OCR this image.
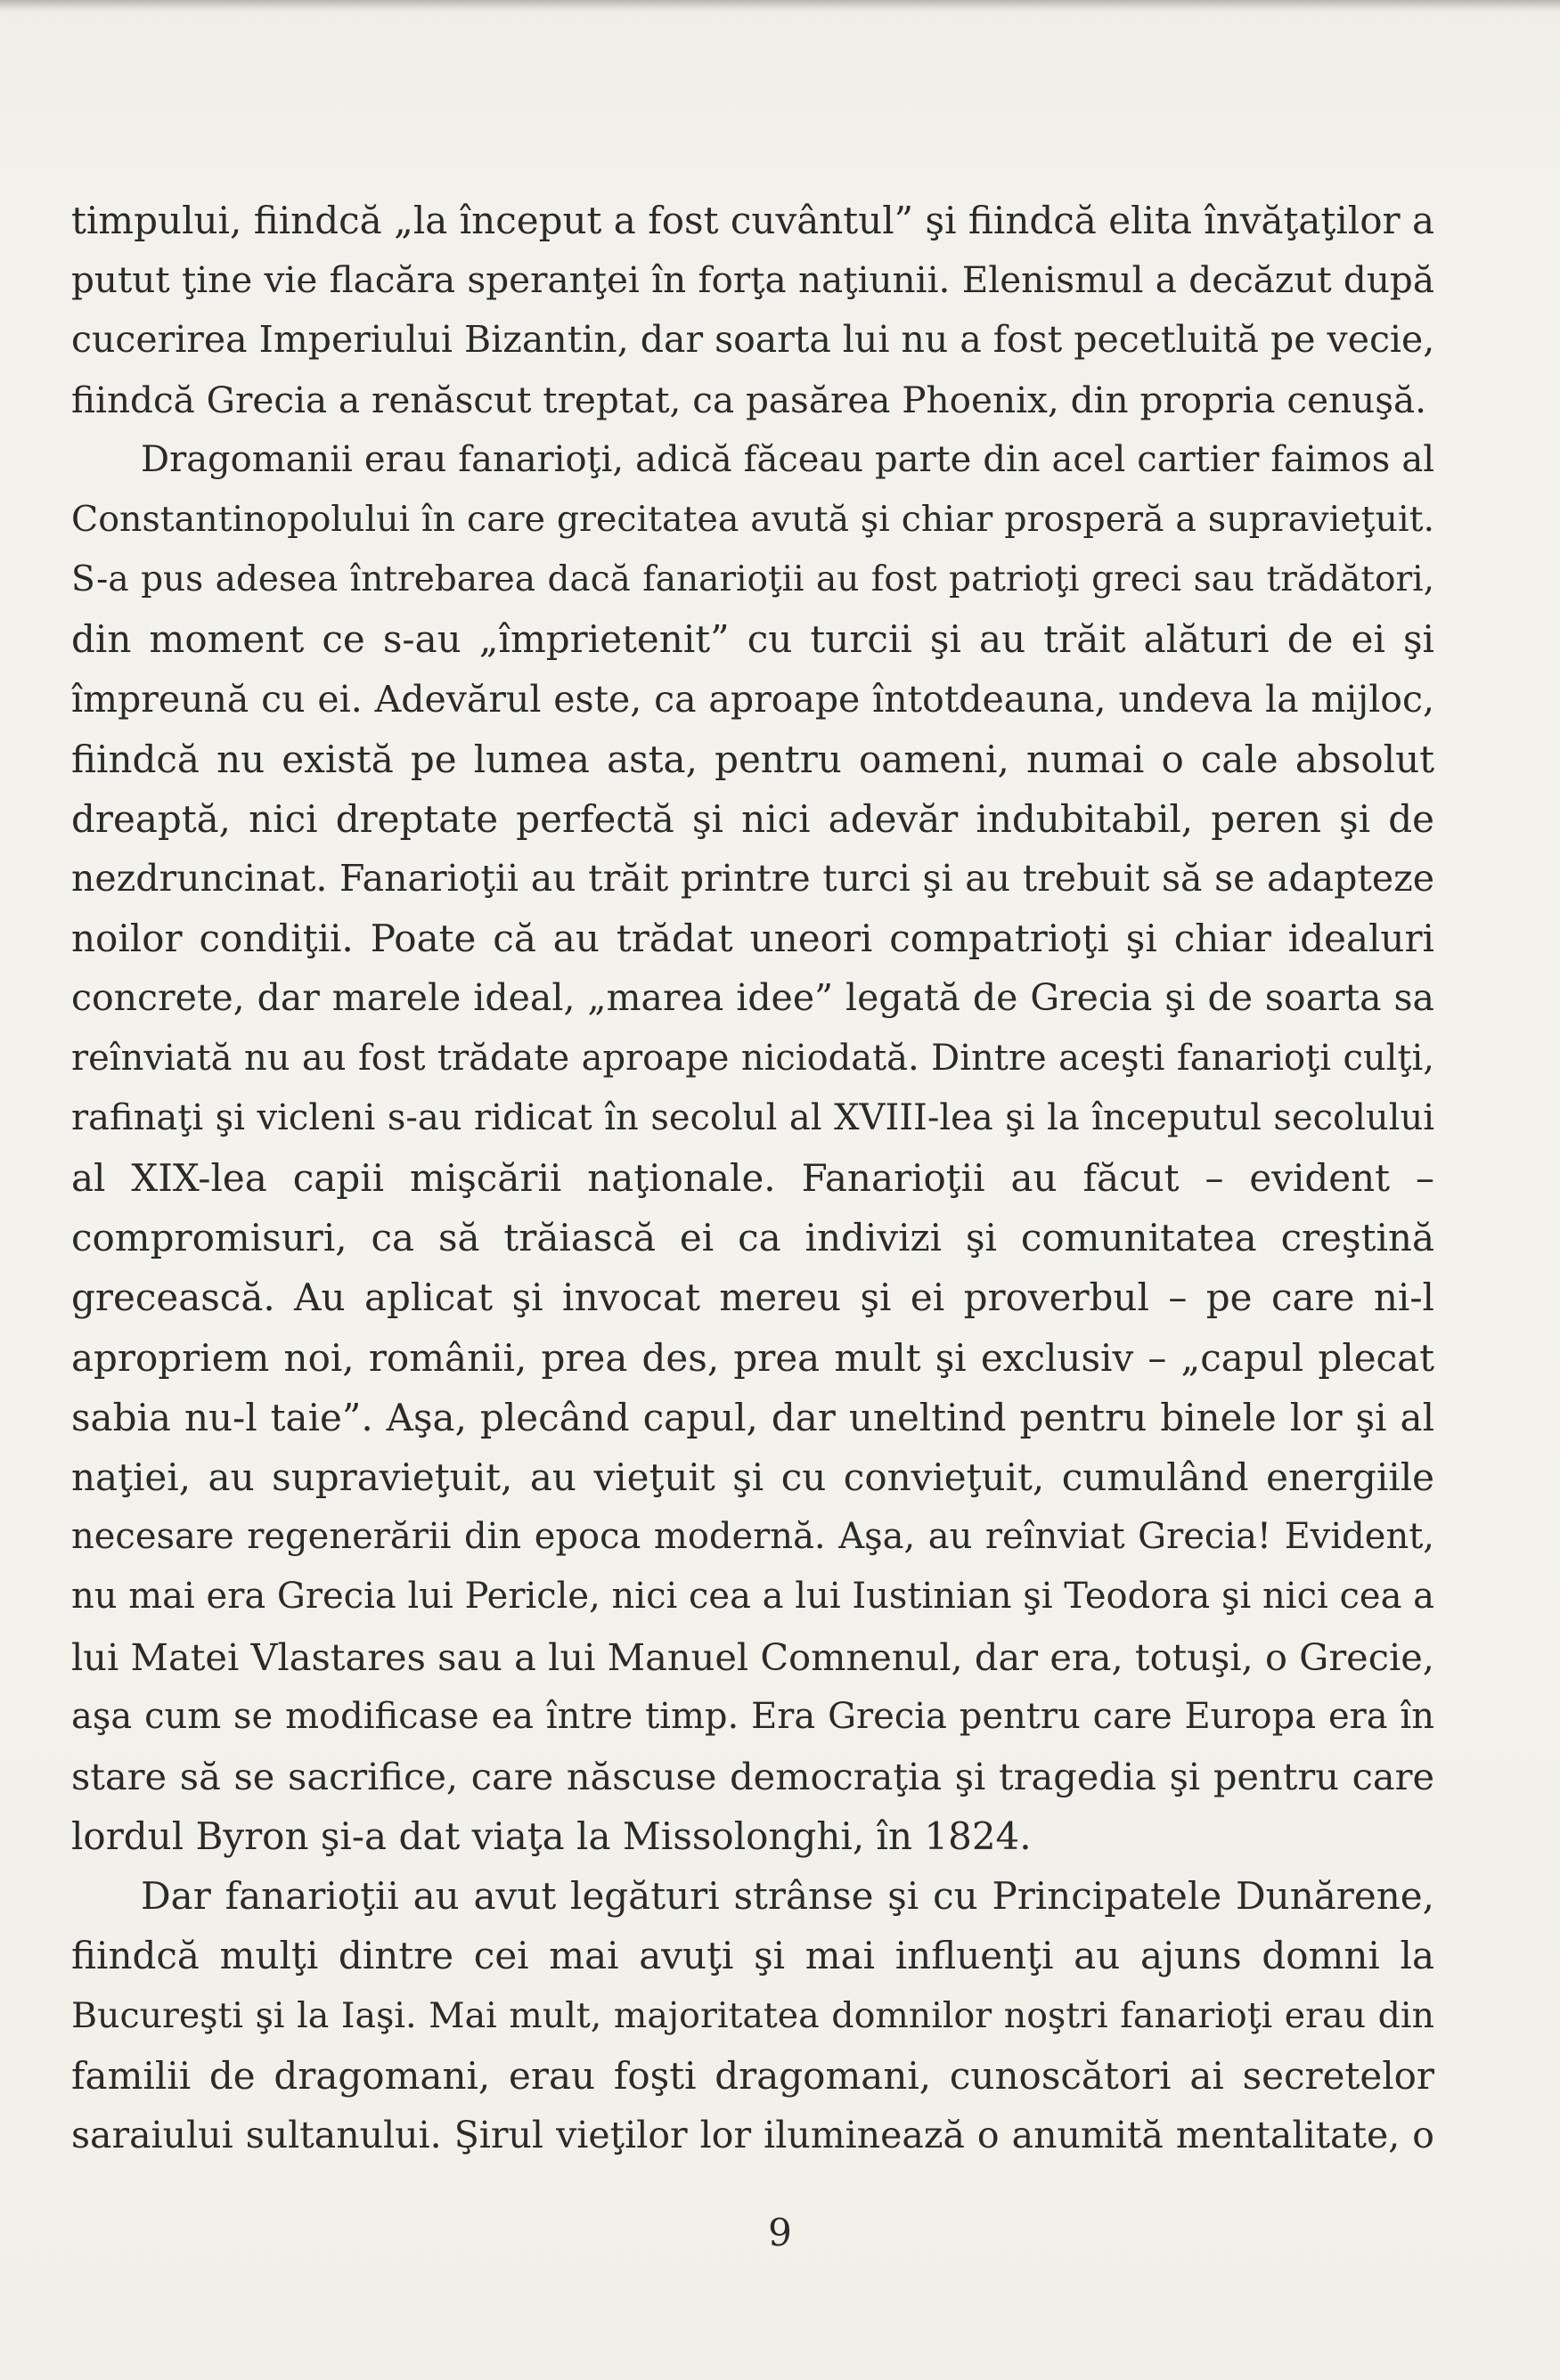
timpului, fiindcă „la început a fost cuvântul” şi fiindcă elita învăţaţilor a
putut ţine vie flacăra speranţei în forţa naţiunii. Elenismul a decăzut după
cucerirea Imperiului Bizantin, dar soarta lui nu a fost pecetluită pe vecie,
fiindcă Grecia a renăscut treptat, ca pasărea Phoenix, din propria cenuşă.
Dragomanii erau fanarioţi, adică făceau parte din acel cartier faimos al
Constantinopolului în care grecitatea avută şi chiar prosperă a supravieţuit.
S-a pus adesea întrebarea dacă fanarioţii au fost patrioţi greci sau trădători,
din moment ce s-au „împrietenit” cu turcii şi au trăit alături de ei şi
împreună cu ei. Adevărul este, ca aproape întotdeauna, undeva la mijloc,
fiindcă nu există pe lumea asta, pentru oameni, numai o cale absolut
dreaptă, nici dreptate perfectă şi nici adevăr indubitabil, peren şi de
nezdruncinat. Fanarioţii au trăit printre turci şi au trebuit să se adapteze
noilor condiţii. Poate că au trădat uneori compatrioţi şi chiar idealuri
concrete, dar marele ideal, „marea idee” legată de Grecia şi de soarta sa
reînviată nu au fost trădate aproape niciodată. Dintre aceşti fanarioţi culţi,
rafinaţi şi vicleni s-au ridicat în secolul al XVIII-lea şi la începutul secolului
al XIX-lea capii mişcării naţionale. Fanarioţii au făcut – evident –
compromisuri, ca să trăiască ei ca indivizi şi comunitatea creştină
grecească. Au aplicat şi invocat mereu şi ei proverbul – pe care ni-l
apropriem noi, românii, prea des, prea mult şi exclusiv – „capul plecat
sabia nu-l taie”. Aşa, plecând capul, dar uneltind pentru binele lor şi al
naţiei, au supravieţuit, au vieţuit şi cu convieţuit, cumulând energiile
necesare regenerării din epoca modernă. Aşa, au reînviat Grecia! Evident,
nu mai era Grecia lui Pericle, nici cea a lui Iustinian şi Teodora şi nici cea a
lui Matei Vlastares sau a lui Manuel Comnenul, dar era, totuşi, o Grecie,
aşa cum se modificase ea între timp. Era Grecia pentru care Europa era în
stare să se sacrifice, care născuse democraţia şi tragedia şi pentru care
lordul Byron şi-a dat viaţa la Missolonghi, în 1824.
Dar fanarioţii au avut legături strânse şi cu Principatele Dunărene,
fiindcă mulţi dintre cei mai avuţi şi mai influenţi au ajuns domni la
Bucureşti şi la Iaşi. Mai mult, majoritatea domnilor noştri fanarioţi erau din
familii de dragomani, erau foşti dragomani, cunoscători ai secretelor
saraiului sultanului. Şirul vieţilor lor iluminează o anumită mentalitate, o
9
